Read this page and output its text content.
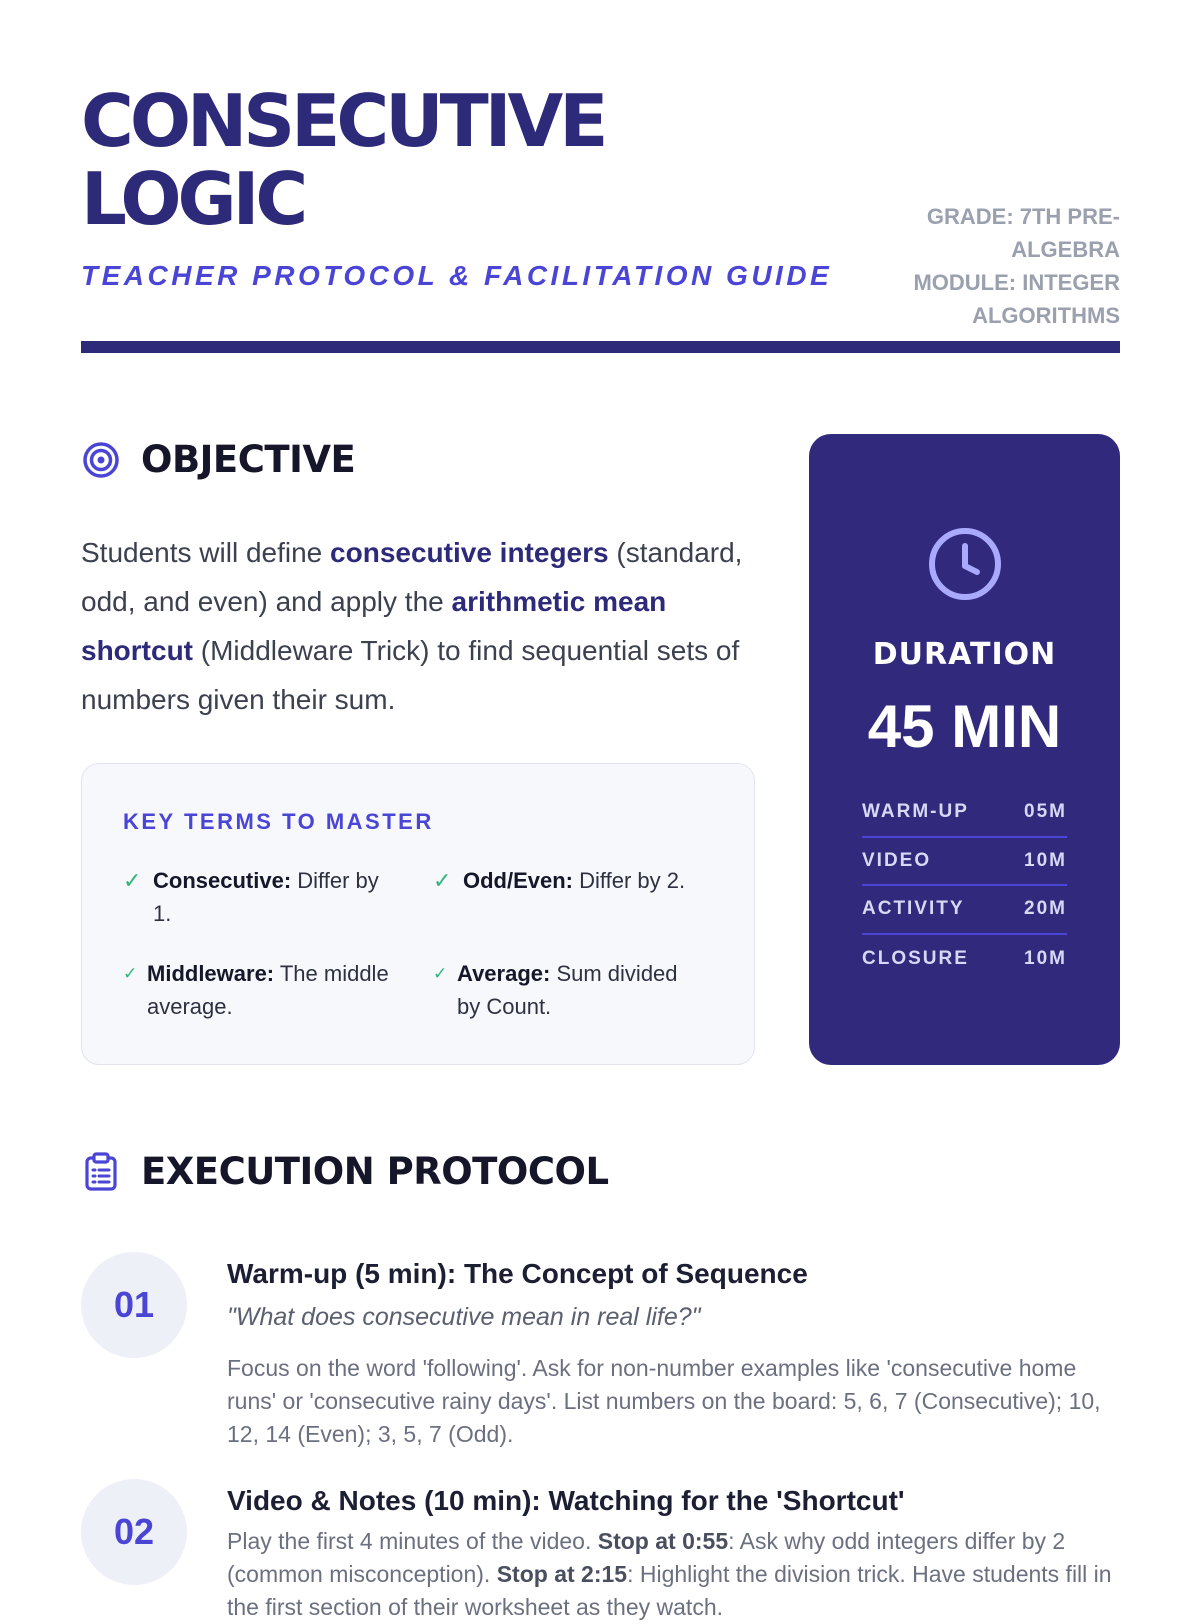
CONSECUTIVE
LOGIC
TEACHER PROTOCOL & FACILITATION GUIDE
GRADE: 7TH PRE-ALGEBRA
MODULE: INTEGER
ALGORITHMS
OBJECTIVE

Students will define consecutive integers (standard, odd, and even) and apply the arithmetic mean shortcut (Middleware Trick) to find sequential sets of numbers given their sum.

KEY TERMS TO MASTER
✓ Consecutive: Differ by 1.
✓ Odd/Even: Differ by 2.
✓ Middleware: The middle average.
✓ Average: Sum divided by Count.
DURATION
45 MIN
WARM-UP	05M
VIDEO	10M
ACTIVITY	20M
CLOSURE	10M
EXECUTION PROTOCOL
01
Warm-up (5 min): The Concept of Sequence
"What does consecutive mean in real life?"
Focus on the word 'following'. Ask for non-number examples like 'consecutive home runs' or 'consecutive rainy days'. List numbers on the board: 5, 6, 7 (Consecutive); 10, 12, 14 (Even); 3, 5, 7 (Odd).
02
Video & Notes (10 min): Watching for the 'Shortcut'
Play the first 4 minutes of the video. Stop at 0:55: Ask why odd integers differ by 2 (common misconception). Stop at 2:15: Highlight the division trick. Have students fill in the first section of their worksheet as they watch.
